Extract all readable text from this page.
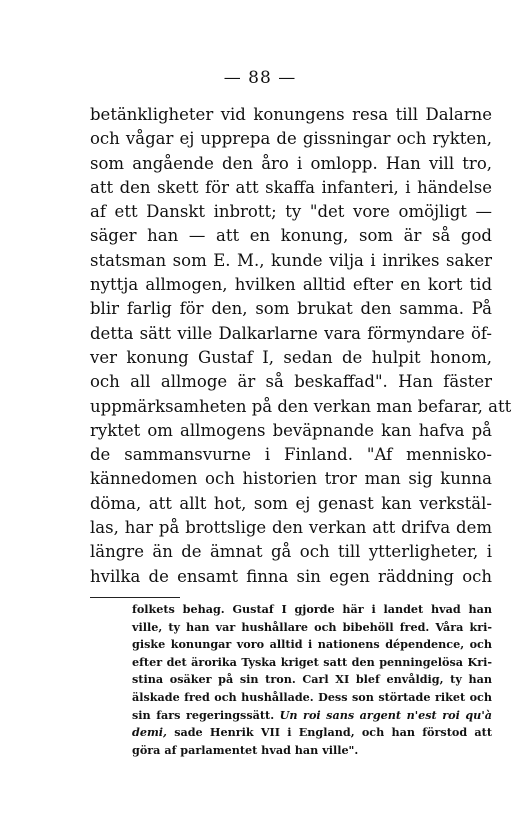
— 88 —
betänkligheter vid konungens resa till Dalarne
och vågar ej upprepa de gissningar och rykten,
som angående den åro i omlopp. Han vill tro,
att den skett för att skaffa infanteri, i händelse
af ett Danskt inbrott; ty "det vore omöjligt —
säger han — att en konung, som är så god
statsman som E. M., kunde vilja i inrikes saker
nyttja allmogen, hvilken alltid efter en kort tid
blir farlig för den, som brukat den samma. På
detta sätt ville Dalkarlarne vara förmyndare öf-
ver konung Gustaf I, sedan de hulpit honom,
och all allmoge är så beskaffad". Han fäster
uppmärksamheten på den verkan man befarar, att
ryktet om allmogens beväpnande kan hafva på
de sammansvurne i Finland. "Af mennisko-
kännedomen och historien tror man sig kunna
döma, att allt hot, som ej genast kan verkstäl-
las, har på brottslige den verkan att drifva dem
längre än de ämnat gå och till ytterligheter, i
hvilka de ensamt finna sin egen räddning och
folkets behag. Gustaf I gjorde här i landet hvad han
ville, ty han var hushållare och bibehöll fred. Våra kri-
giske konungar voro alltid i nationens dépendence, och
efter det ärorika Tyska kriget satt den penningelösa Kri-
stina osäker på sin tron. Carl XI blef envåldig, ty han
älskade fred och hushållade. Dess son störtade riket och
sin fars regeringssätt. Un roi sans argent n'est roi qu'à
demi, sade Henrik VII i England, och han förstod att
göra af parlamentet hvad han ville".
